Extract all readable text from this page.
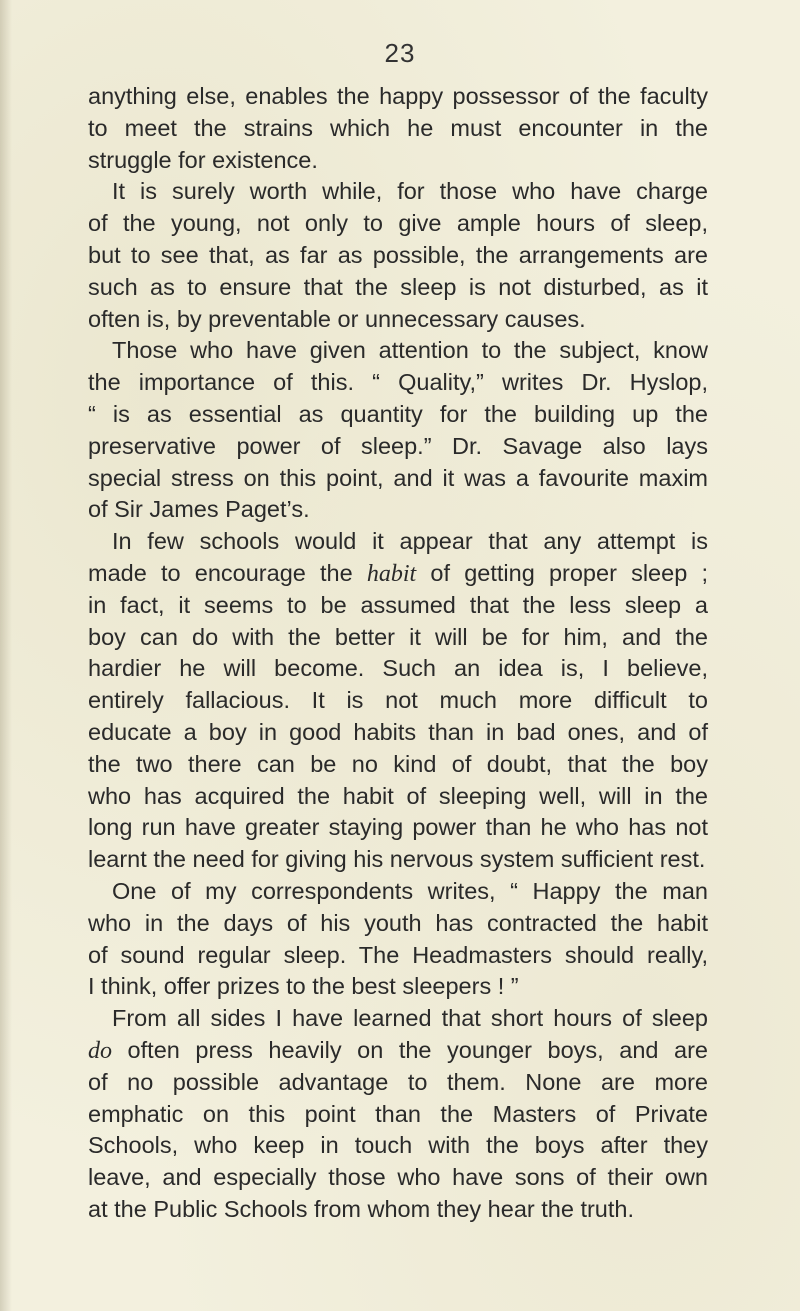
23
anything else, enables the happy possessor of the faculty
to meet the strains which he must encounter in the
struggle for existence.
It is surely worth while, for those who have charge
of the young, not only to give ample hours of sleep,
but to see that, as far as possible, the arrangements are
such as to ensure that the sleep is not disturbed, as it
often is, by preventable or unnecessary causes.
Those who have given attention to the subject, know
the importance of this. “ Quality,” writes Dr. Hyslop,
“ is as essential as quantity for the building up the
preservative power of sleep.” Dr. Savage also lays
special stress on this point, and it was a favourite maxim
of Sir James Paget’s.
In few schools would it appear that any attempt is
made to encourage the habit of getting proper sleep ;
in fact, it seems to be assumed that the less sleep a
boy can do with the better it will be for him, and the
hardier he will become. Such an idea is, I believe,
entirely fallacious. It is not much more difficult to
educate a boy in good habits than in bad ones, and of
the two there can be no kind of doubt, that the boy
who has acquired the habit of sleeping well, will in the
long run have greater staying power than he who has not
learnt the need for giving his nervous system sufficient rest.
One of my correspondents writes, “ Happy the man
who in the days of his youth has contracted the habit
of sound regular sleep. The Headmasters should really,
I think, offer prizes to the best sleepers ! ”
From all sides I have learned that short hours of sleep
do often press heavily on the younger boys, and are
of no possible advantage to them. None are more
emphatic on this point than the Masters of Private
Schools, who keep in touch with the boys after they
leave, and especially those who have sons of their own
at the Public Schools from whom they hear the truth.
